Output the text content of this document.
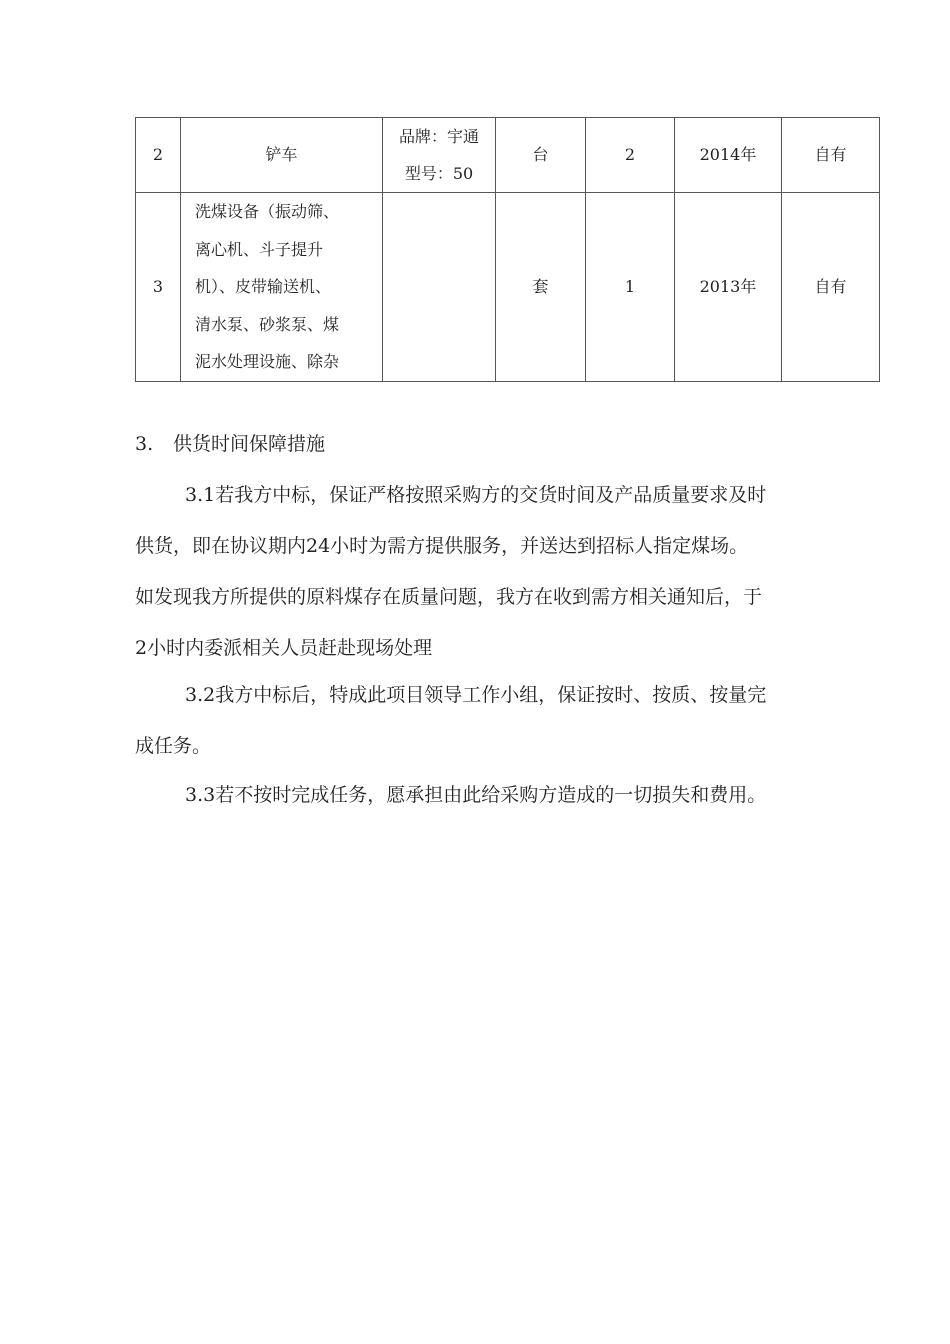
2	铲车	品牌：宇通
型号：50	台	2	2014年	自有
3	洗煤设备（振动筛、
离心机、斗子提升
机）、皮带输送机、
清水泵、砂浆泵、煤
泥水处理设施、除杂		套	1	2013年	自有
3. 供货时间保障措施

3.1若我方中标，保证严格按照采购方的交货时间及产品质量要求及时
供货，即在协议期内24小时为需方提供服务，并送达到招标人指定煤场。
如发现我方所提供的原料煤存在质量问题，我方在收到需方相关通知后，于
2小时内委派相关人员赶赴现场处理

3.2我方中标后，特成此项目领导工作小组，保证按时、按质、按量完
成任务。

3.3若不按时完成任务，愿承担由此给采购方造成的一切损失和费用。
